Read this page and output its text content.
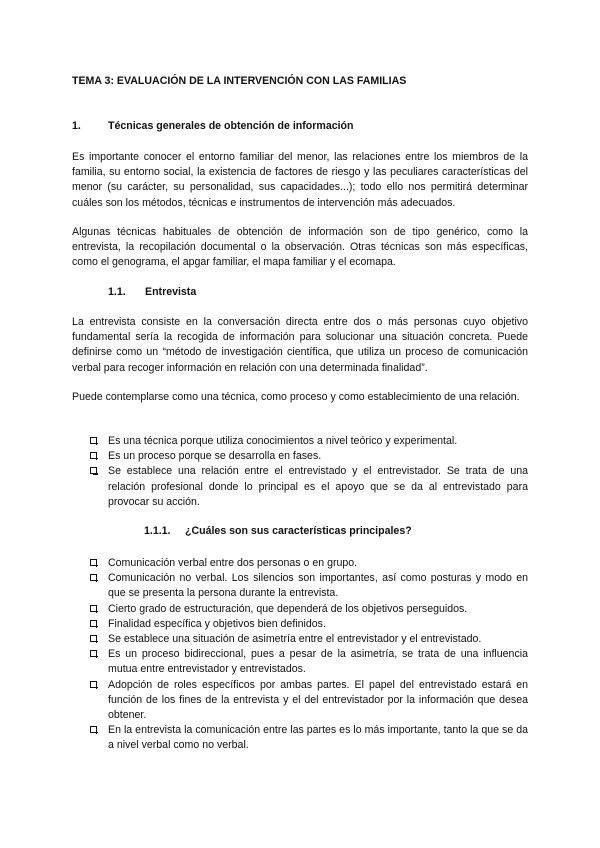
TEMA 3: EVALUACIÓN DE LA INTERVENCIÓN CON LAS FAMILIAS
1.	Técnicas generales de obtención de información
Es importante conocer el entorno familiar del menor, las relaciones entre los miembros de la familia, su entorno social, la existencia de factores de riesgo y las peculiares características del menor (su carácter, su personalidad, sus capacidades...); todo ello nos permitirá determinar cuáles son los métodos, técnicas e instrumentos de intervención más adecuados.
Algunas técnicas habituales de obtención de información son de tipo genérico, como la entrevista, la recopilación documental o la observación. Otras técnicas son más específicas, como el genograma, el apgar familiar, el mapa familiar y el ecomapa.
1.1. Entrevista
La entrevista consiste en la conversación directa entre dos o más personas cuyo objetivo fundamental sería la recogida de información para solucionar una situación concreta. Puede definirse como un “método de investigación científica, que utiliza un proceso de comunicación verbal para recoger información en relación con una determinada finalidad”.
Puede contemplarse como una técnica, como proceso y como establecimiento de una relación.
Es una técnica porque utiliza conocimientos a nivel teórico y experimental.
Es un proceso porque se desarrolla en fases.
Se establece una relación entre el entrevistado y el entrevistador. Se trata de una relación profesional donde lo principal es el apoyo que se da al entrevistado para provocar su acción.
1.1.1. ¿Cuáles son sus características principales?
Comunicación verbal entre dos personas o en grupo.
Comunicación no verbal. Los silencios son importantes, así como posturas y modo en que se presenta la persona durante la entrevista.
Cierto grado de estructuración, que dependerá de los objetivos perseguidos.
Finalidad específica y objetivos bien definidos.
Se establece una situación de asimetría entre el entrevistador y el entrevistado.
Es un proceso bidireccional, pues a pesar de la asimetría, se trata de una influencia mutua entre entrevistador y entrevistados.
Adopción de roles específicos por ambas partes. El papel del entrevistado estará en función de los fines de la entrevista y el del entrevistador por la información que desea obtener.
En la entrevista la comunicación entre las partes es lo más importante, tanto la que se da a nivel verbal como no verbal.
